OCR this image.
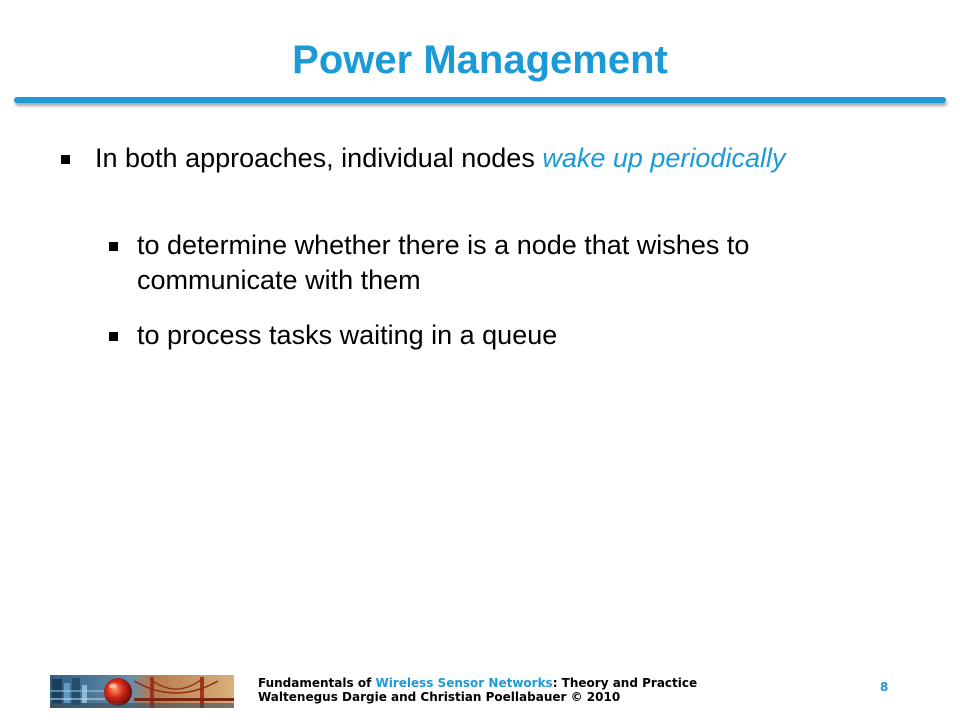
Power Management
In both approaches, individual nodes wake up periodically
to determine whether there is a node that wishes to communicate with them
to process tasks waiting in a queue
Fundamentals of Wireless Sensor Networks: Theory and Practice
Waltenegus Dargie and Christian Poellabauer © 2010
8
